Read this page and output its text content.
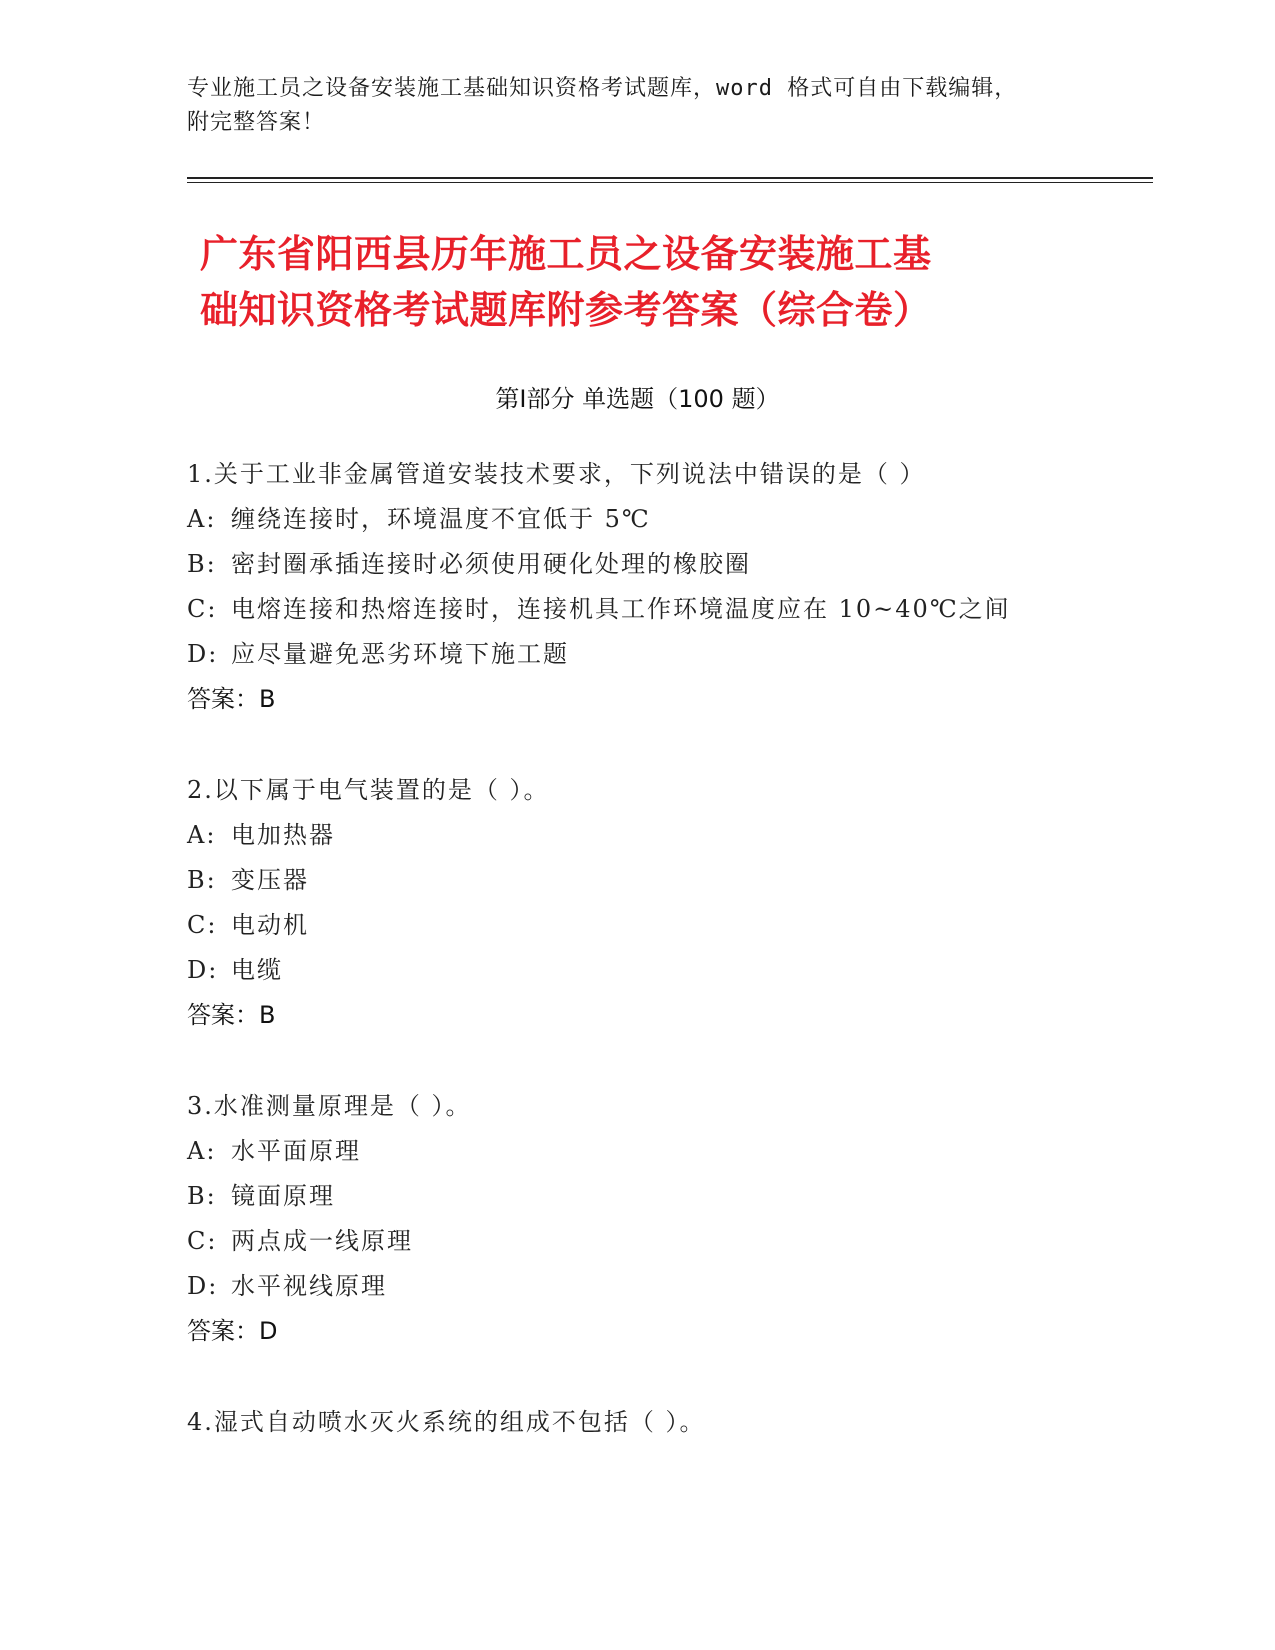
专业施工员之设备安装施工基础知识资格考试题库，word 格式可自由下载编辑，
附完整答案！
广东省阳西县历年施工员之设备安装施工基
础知识资格考试题库附参考答案（综合卷）
第Ⅰ部分 单选题（100 题）
1.关于工业非金属管道安装技术要求，下列说法中错误的是（ ）
A: 缠绕连接时，环境温度不宜低于 5℃
B: 密封圈承插连接时必须使用硬化处理的橡胶圈
C: 电熔连接和热熔连接时，连接机具工作环境温度应在 10~40℃之间
D: 应尽量避免恶劣环境下施工题
答案：B
2.以下属于电气装置的是（ ）。
A: 电加热器
B: 变压器
C: 电动机
D: 电缆
答案：B
3.水准测量原理是（ ）。
A: 水平面原理
B: 镜面原理
C: 两点成一线原理
D: 水平视线原理
答案：D
4.湿式自动喷水灭火系统的组成不包括（ ）。
